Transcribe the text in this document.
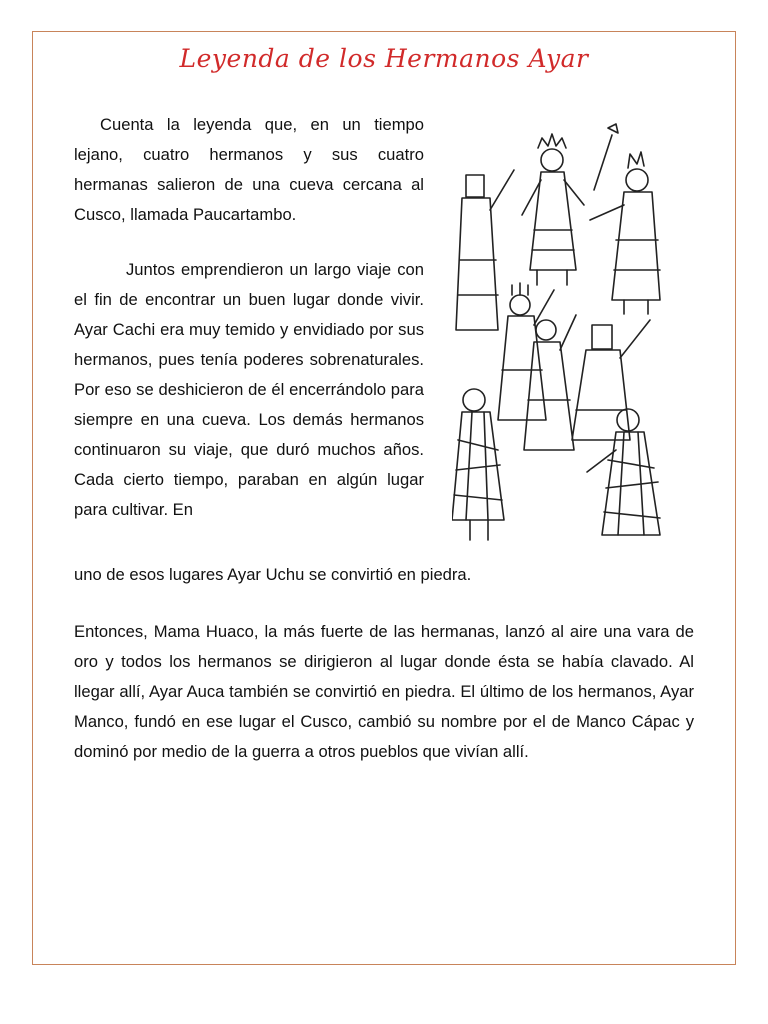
Leyenda de los Hermanos Ayar

Cuenta la leyenda que, en un tiempo lejano, cuatro hermanos y sus cuatro hermanas salieron de una cueva cercana al Cusco, llamada Paucartambo.

Juntos emprendieron un largo viaje con el fin de encontrar un buen lugar donde vivir. Ayar Cachi era muy temido y envidiado por sus hermanos, pues tenía poderes sobrenaturales. Por eso se deshicieron de él encerrándolo para siempre en una cueva. Los demás hermanos continuaron su viaje, que duró muchos años. Cada cierto tiempo, paraban en algún lugar para cultivar. En

uno de esos lugares Ayar Uchu se convirtió en piedra.

Entonces, Mama Huaco, la más fuerte de las hermanas, lanzó al aire una vara de oro y todos los hermanos se dirigieron al lugar donde ésta se había clavado. Al llegar allí, Ayar Auca también se convirtió en piedra. El último de los hermanos, Ayar Manco, fundó en ese lugar el Cusco, cambió su nombre por el de Manco Cápac y dominó por medio de la guerra a otros pueblos que vivían allí.
